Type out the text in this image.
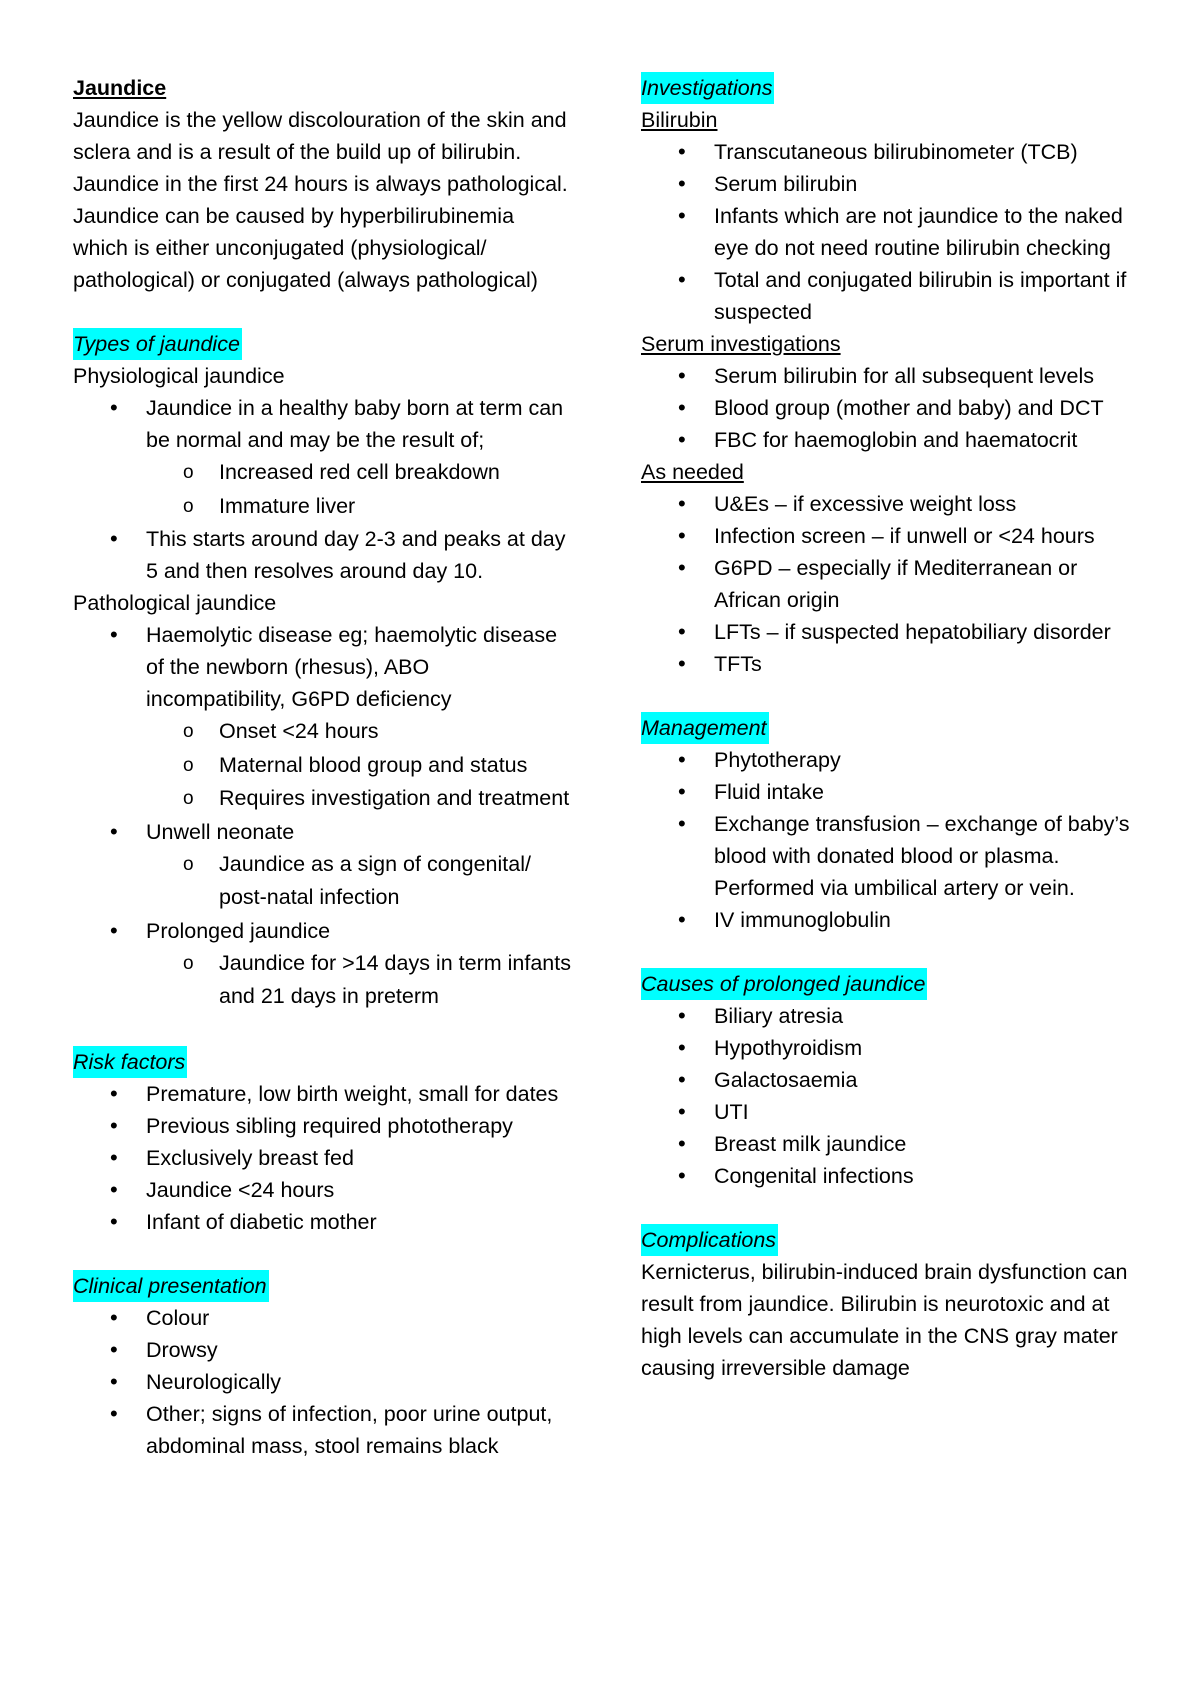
Jaundice

Jaundice is the yellow discolouration of the skin and sclera and is a result of the build up of bilirubin.

Jaundice in the first 24 hours is always pathological.

Jaundice can be caused by hyperbilirubinemia which is either unconjugated (physiological/ pathological) or conjugated (always pathological)

Types of jaundice
Physiological jaundice
• Jaundice in a healthy baby born at term can be normal and may be the result of;
o Increased red cell breakdown
o Immature liver
• This starts around day 2-3 and peaks at day 5 and then resolves around day 10.
Pathological jaundice
• Haemolytic disease eg; haemolytic disease of the newborn (rhesus), ABO incompatibility, G6PD deficiency
o Onset <24 hours
o Maternal blood group and status
o Requires investigation and treatment
• Unwell neonate
o Jaundice as a sign of congenital/ post-natal infection
• Prolonged jaundice
o Jaundice for >14 days in term infants and 21 days in preterm
Risk factors
• Premature, low birth weight, small for dates
• Previous sibling required phototherapy
• Exclusively breast fed
• Jaundice <24 hours
• Infant of diabetic mother
Clinical presentation
• Colour
• Drowsy
• Neurologically
• Other; signs of infection, poor urine output, abdominal mass, stool remains black
Investigations
Bilirubin
• Transcutaneous bilirubinometer (TCB)
• Serum bilirubin
• Infants which are not jaundice to the naked eye do not need routine bilirubin checking
• Total and conjugated bilirubin is important if suspected
Serum investigations
• Serum bilirubin for all subsequent levels
• Blood group (mother and baby) and DCT
• FBC for haemoglobin and haematocrit
As needed
• U&Es – if excessive weight loss
• Infection screen – if unwell or <24 hours
• G6PD – especially if Mediterranean or African origin
• LFTs – if suspected hepatobiliary disorder
• TFTs
Management
• Phytotherapy
• Fluid intake
• Exchange transfusion – exchange of baby’s blood with donated blood or plasma. Performed via umbilical artery or vein.
• IV immunoglobulin
Causes of prolonged jaundice
• Biliary atresia
• Hypothyroidism
• Galactosaemia
• UTI
• Breast milk jaundice
• Congenital infections
Complications

Kernicterus, bilirubin-induced brain dysfunction can result from jaundice. Bilirubin is neurotoxic and at high levels can accumulate in the CNS gray mater causing irreversible damage
